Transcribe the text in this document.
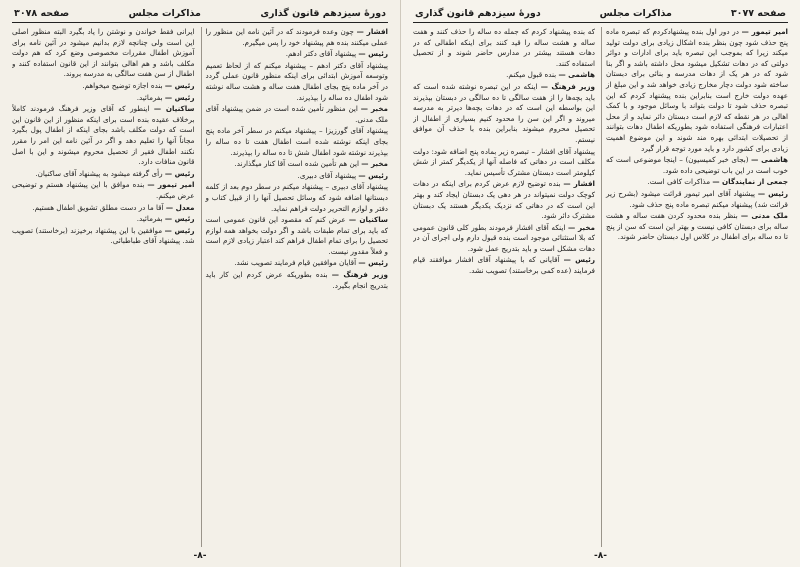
صفحه ۳۰۷۷
مذاکرات مجلس
دورهٔ سیزدهم قانون گذاری

امیر تیمور — در دور اول بنده پیشنهادکردم که تبصره ماده پنج حذف شود چون بنظر بنده اشکال زیادی برای دولت تولید میکند زیرا که بموجب این تبصره باید برای ادارات و دوائر دولتی که در دهات تشکیل میشود محل داشته باشد و اگر بنا شود که در هر یک از دهات مدرسه و بنائی برای دبستان ساخته شود دولت دچار مخارج زیادی خواهد شد و این مبلغ از عهده دولت خارج است بنابراین بنده پیشنهاد کردم که این تبصره حذف شود تا دولت بتواند با وسائل موجود و با کمک اهالی در هر نقطه که لازم است دبستان دائر نماید و از محل اعتبارات فرهنگی استفاده شود بطوریکه اطفال دهات بتوانند از تحصیلات ابتدائی بهره مند شوند و این موضوع اهمیت زیادی برای کشور دارد و باید مورد توجه قرار گیرد

هاشمی — (بجای خبر کمیسیون) – اینجا موضوعی است که خوب است در این باب توضیحی داده شود.

جمعی از نمایندگان — مذاکرات کافی است.

رئیس — پیشنهاد آقای امیر تیمور قرائت میشود (بشرح زیر قرائت شد) پیشنهاد میکنم تبصره ماده پنج حذف شود.

ملک مدنی — بنظر بنده محدود کردن هفت ساله و هشت ساله برای دبستان کافی نیست و بهتر این است که سن از پنج تا ده ساله برای اطفال در کلاس اول دبستان حاضر شوند.

که بنده پیشنهاد کردم که جمله ده ساله را حذف کنند و هفت ساله و هشت ساله را قید کنند برای اینکه اطفالی که در دهات هستند بیشتر در مدارس حاضر شوند و از تحصیل استفاده کنند.

هاشمی — بنده قبول میکنم.

وزیر فرهنگ — اینکه در این تبصره نوشته شده است که باید بچه‌ها را از هفت سالگی تا ده سالگی در دبستان بپذیرند این بواسطه این است که در دهات بچه‌ها دیرتر به مدرسه میروند و اگر این سن را محدود کنیم بسیاری از اطفال از تحصیل محروم میشوند بنابراین بنده با حذف آن موافق نیستم.

پیشنهاد آقای افشار – تبصره زیر بماده پنج اضافه شود: دولت مکلف است در دهاتی که فاصله آنها از یکدیگر کمتر از شش کیلومتر است دبستان مشترک تأسیس نماید.

افشار — بنده توضیح لازم عرض کردم برای اینکه در دهات کوچک دولت نمیتواند در هر دهی یک دبستان ایجاد کند و بهتر این است که در دهاتی که نزدیک یکدیگر هستند یک دبستان مشترک دائر شود.

مخبر — اینکه آقای افشار فرمودند بطور کلی قانون عمومی که بلا استثنائی موجود است بنده قبول دارم ولی اجرای آن در دهات مشکل است و باید بتدریج عمل شود.

رئیس — آقایانی که با پیشنهاد آقای افشار موافقند قیام فرمایند (عده کمی برخاستند) تصویب نشد.

-۸-
دورهٔ سیزدهم قانون گذاری
مذاکرات مجلس
صفحه ۳۰۷۸

افشار — چون وعده فرمودند که در آئین نامه این منظور را عملی میکنند بنده هم پیشنهاد خود را پس میگیرم.

رئیس — پیشنهاد آقای دکتر ادهم.

پیشنهاد آقای دکتر ادهم – پیشنهاد میکنم که از لحاظ تعمیم وتوسعه آموزش ابتدائی برای اینکه منظور قانون عملی گردد در آخر ماده پنج بجای اطفال هفت ساله و هشت ساله نوشته شود اطفال ده ساله را بپذیرند.

مخبر — این منظور تأمین شده است در ضمن پیشنهاد آقای ملک مدنی.

پیشنهاد آقای گورزیزا – پیشنهاد میکنم در سطر آخر ماده پنج بجای اینکه نوشته شده است اطفال هفت تا ده ساله را بپذیرند نوشته شود اطفال شش تا ده ساله را بپذیرند.

مخبر — این هم تأمین شده است آقا کنار میگذارند.

رئیس — پیشنهاد آقای دبیری.

پیشنهاد آقای دبیری – پیشنهاد میکنم در سطر دوم بعد از کلمه دبستانها اضافه شود که وسائل تحصیل آنها را از قبیل کتاب و دفتر و لوازم التحریر دولت فراهم نماید.

ساکنیان — عرض کنم که مقصود این قانون عمومی است که باید برای تمام طبقات باشد و اگر دولت بخواهد همه لوازم تحصیل را برای تمام اطفال فراهم کند اعتبار زیادی لازم است و فعلاً مقدور نیست.

رئیس — آقایان موافقین قیام فرمایند تصویب نشد.

وزیر فرهنگ — بنده بطوریکه عرض کردم این کار باید بتدریج انجام بگیرد.

ایرانی فقط خواندن و نوشتن را یاد بگیرد البته منظور اصلی این است ولی چنانچه لازم بدانیم میشود در آئین نامه برای آموزش اطفال مقررات مخصوصی وضع کرد که هم دولت مکلف باشد و هم اهالی بتوانند از این قانون استفاده کنند و اطفال از سن هفت سالگی به مدرسه بروند.

رئیس — بنده اجازه توضیح میخواهم.

رئیس — بفرمائید.

ساکنیان — اینطور که آقای وزیر فرهنگ فرمودند کاملاً برخلاف عقیده بنده است برای اینکه منظور از این قانون این است که دولت مکلف باشد بجای اینکه از اطفال پول بگیرد مجاناً آنها را تعلیم دهد و اگر در آئین نامه این امر را مقرر نکنند اطفال فقیر از تحصیل محروم میشوند و این با اصل قانون منافات دارد.

رئیس — رأی گرفته میشود به پیشنهاد آقای ساکنیان.

امیر تیمور — بنده موافق با این پیشنهاد هستم و توضیحی عرض میکنم.

معدل — آقا ما در دست مطلق تشویق اطفال هستیم.

رئیس — بفرمائید.

رئیس — موافقین با این پیشنهاد برخیزند (برخاستند) تصویب شد. پیشنهاد آقای طباطبائی.

-۸-
